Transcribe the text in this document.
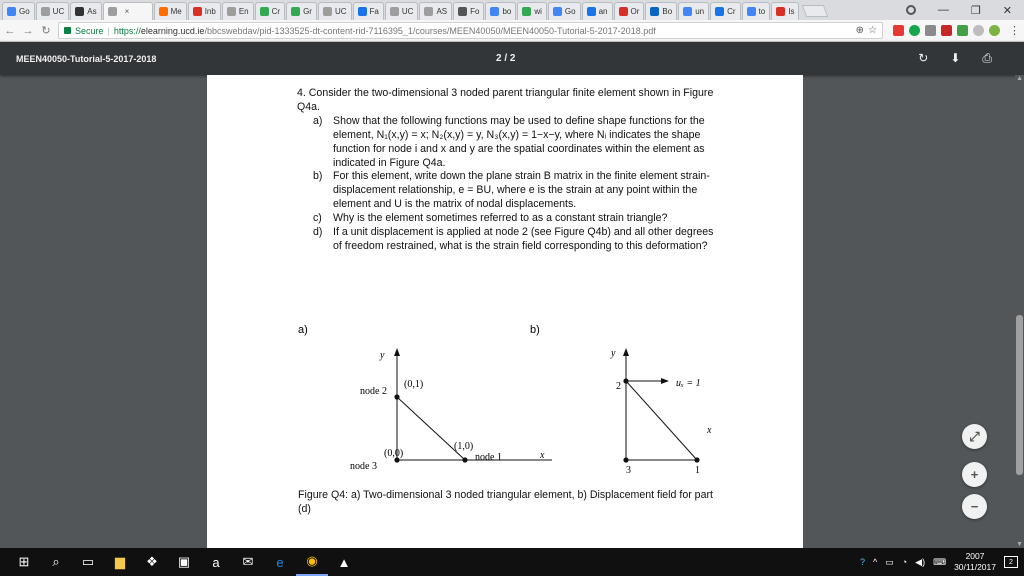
Go	UC	As	×	Me	Inb	En	Cr	Gr	UC	Fa	UC	AS	Fo	bo	wi	Go	an	Or	Bo	un	Cr	to	Is	— ❐ ✕
← → ↻	Secure | https://elearning.ucd.ie/bbcswebdav/pid-1333525-dt-content-rid-7116395_1/courses/MEEN40050/MEEN40050-Tutorial-5-2017-2018.pdf	⊕ ☆	⋮
MEEN40050-Tutorial-5-2017-2018	2 / 2	↻ ⬇ ⎙
4. Consider the two-dimensional 3 noded parent triangular finite element shown in Figure Q4a.
a) Show that the following functions may be used to define shape functions for the element, N₁(x,y) = x; N₂(x,y) = y, N₃(x,y) = 1−x−y, where Nᵢ indicates the shape function for node i and x and y are the spatial coordinates within the element as indicated in Figure Q4a.
b) For this element, write down the plane strain B matrix in the finite element strain-displacement relationship, e = BU, where e is the strain at any point within the element and U is the matrix of nodal displacements.
c) Why is the element sometimes referred to as a constant strain triangle?
d) If a unit displacement is applied at node 2 (see Figure Q4b) and all other degrees of freedom restrained, what is the strain field corresponding to this deformation?
a)
y
x
node 2
(0,1)
node 3
(0,0)
(1,0)
node 1
b)
y
x
2
3	1
uₓ = 1
Figure Q4: a) Two-dimensional 3 noded triangular element, b) Displacement field for part (d)
▲
▼
⤢
+
−
⊞	⌕	▭	▆	❖	▣	a	✉	e	◉	▲	? ^ ▭ ◔ ◀) ⌨
2007
30/11/2017	2
